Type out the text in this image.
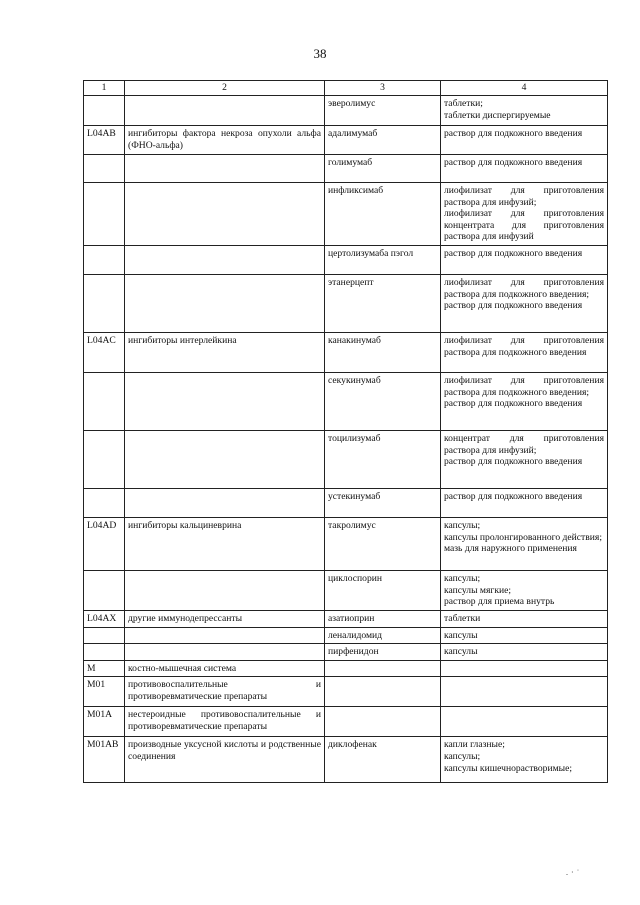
38
1	2	3	4
		эверолимус	таблетки;
таблетки диспергируемые

L04AB	ингибиторы фактора некроза опухоли альфа (ФНО-альфа)	адалимумаб	раствор для подкожного введения

		голимумаб	раствор для подкожного введения

		инфликсимаб	лиофилизат для приготовления раствора для инфузий;
лиофилизат для приготовления концентрата для приготовления раствора для инфузий

		цертолизумаба пэгол	раствор для подкожного введения

		этанерцепт	лиофилизат для приготовления раствора для подкожного введения;
раствор для подкожного введения

L04AC	ингибиторы интерлейкина	канакинумаб	лиофилизат для приготовления раствора для подкожного введения

		секукинумаб	лиофилизат для приготовления раствора для подкожного введения;
раствор для подкожного введения

		тоцилизумаб	концентрат для приготовления раствора для инфузий;
раствор для подкожного введения

		устекинумаб	раствор для подкожного введения

L04AD	ингибиторы кальциневрина	такролимус	капсулы;
капсулы пролонгированного действия;
мазь для наружного применения

		циклоспорин	капсулы;
капсулы мягкие;
раствор для приема внутрь

L04AX	другие иммунодепрессанты	азатиоприн	таблетки

		леналидомид	капсулы

		пирфенидон	капсулы

M	костно-мышечная система		
M01	противовоспалительные и противоревматические препараты		
M01A	нестероидные противовоспалительные и противоревматические препараты		
M01AB	производные уксусной кислоты и родственные соединения	диклофенак	капли глазные;
капсулы;
капсулы кишечнорастворимые;
.·˙
